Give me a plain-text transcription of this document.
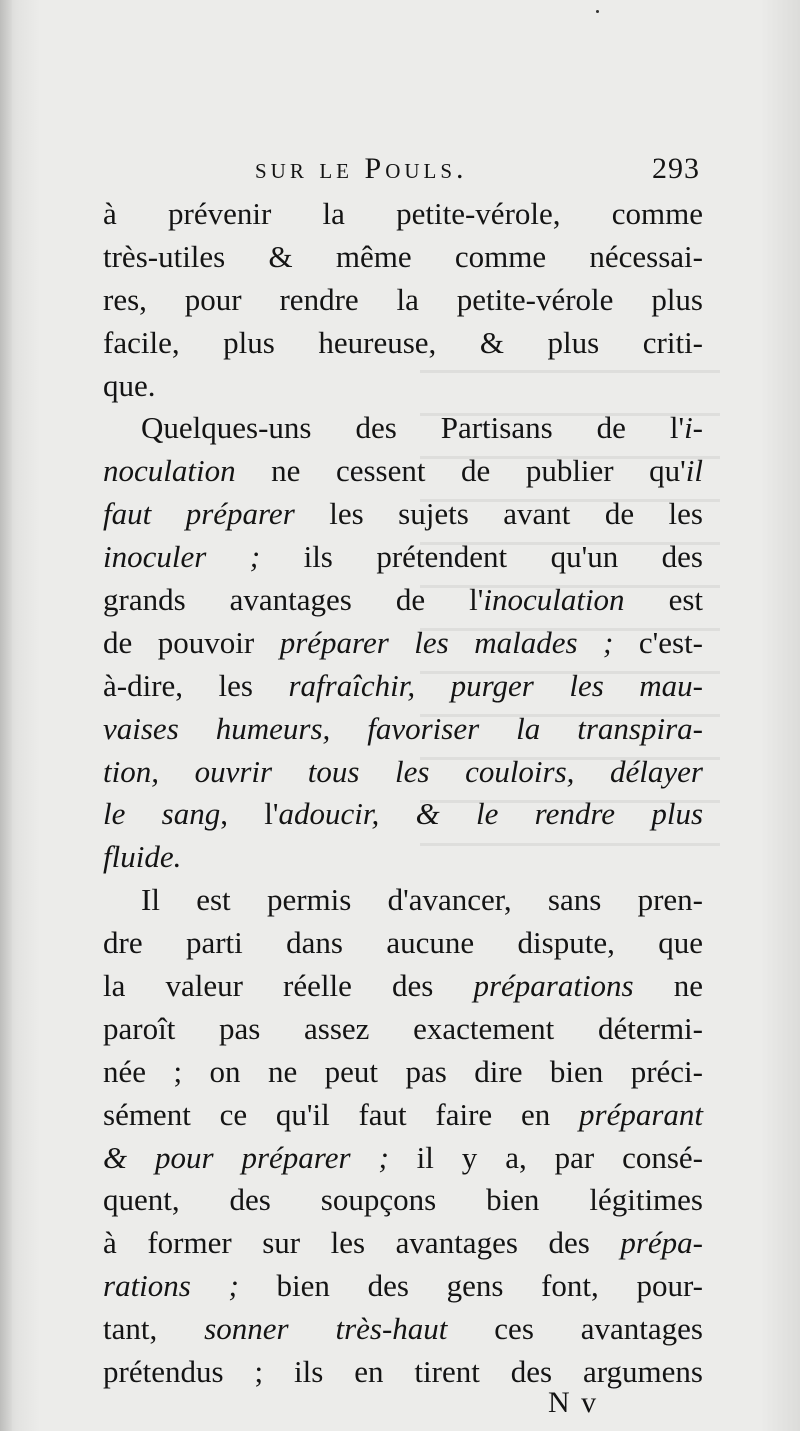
sur le Pouls.	293
à prévenir la petite-vérole, comme
très-utiles & même comme nécessai-
res, pour rendre la petite-vérole plus
facile, plus heureuse, & plus criti-
que.
Quelques-uns des Partisans de l'i-
noculation ne cessent de publier qu'il
faut préparer les sujets avant de les
inoculer ; ils prétendent qu'un des
grands avantages de l'inoculation est
de pouvoir préparer les malades ; c'est-
à-dire, les rafraîchir, purger les mau-
vaises humeurs, favoriser la transpira-
tion, ouvrir tous les couloirs, délayer
le sang, l'adoucir, & le rendre plus
fluide.
Il est permis d'avancer, sans pren-
dre parti dans aucune dispute, que
la valeur réelle des préparations ne
paroît pas assez exactement détermi-
née ; on ne peut pas dire bien préci-
sément ce qu'il faut faire en préparant
& pour préparer ; il y a, par consé-
quent, des soupçons bien légitimes
à former sur les avantages des prépa-
rations ; bien des gens font, pour-
tant, sonner très-haut ces avantages
prétendus ; ils en tirent des argumens
N v
